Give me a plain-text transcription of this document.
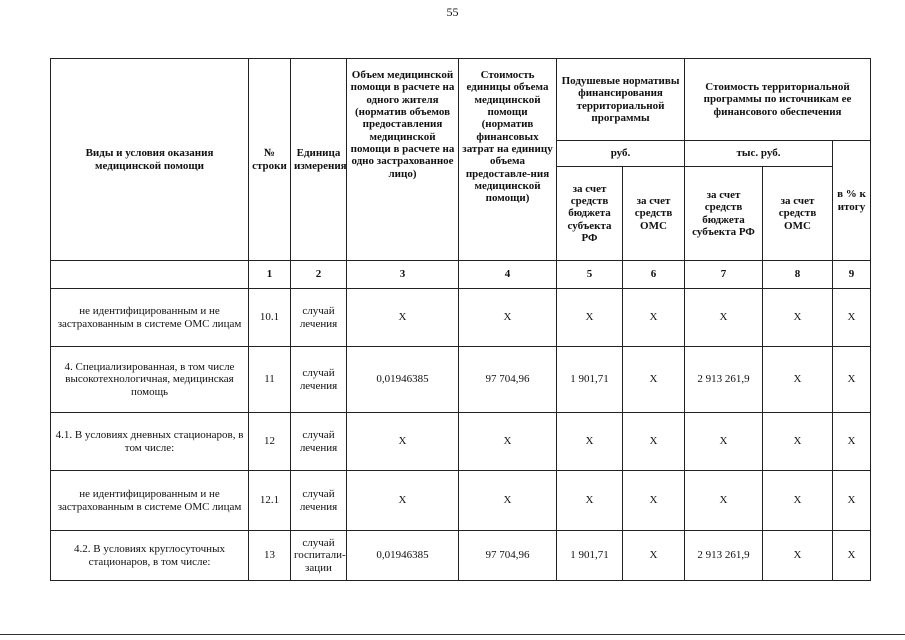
55
Виды и условия оказания медицинской помощи	№ строки	Единица измерения	Объем медицинской помощи в расчете на одного жителя (норматив объемов предоставления медицинской помощи в расчете на одно застрахованное лицо)	Стоимость единицы объема медицинской помощи (норматив финансовых затрат на единицу объема предоставле-ния медицинской помощи)	Подушевые нормативы финансирования территориальной программы		Стоимость территориальной программы по источникам ее финансового обеспечения		
					руб.		тыс. руб.		в % к итогу
					за счет средств бюджета субъекта РФ	за счет средств ОМС	за счет средств бюджета субъекта РФ	за счет средств ОМС	
	1	2	3	4	5	6	7	8	9
не идентифицированным и не застрахованным в системе ОМС лицам	10.1	случай лечения	Х	Х	Х	Х	Х	Х	Х
4. Специализированная, в том числе высокотехнологичная, медицинская помощь	11	случай лечения	0,01946385	97 704,96	1 901,71	Х	2 913 261,9	Х	Х
4.1. В условиях дневных стационаров, в том числе:	12	случай лечения	Х	Х	Х	Х	Х	Х	Х
не идентифицированным и не застрахованным в системе ОМС лицам	12.1	случай лечения	Х	Х	Х	Х	Х	Х	Х
4.2. В условиях круглосуточных стационаров, в том числе:	13	случай госпитали-зации	0,01946385	97 704,96	1 901,71	Х	2 913 261,9	Х	Х
